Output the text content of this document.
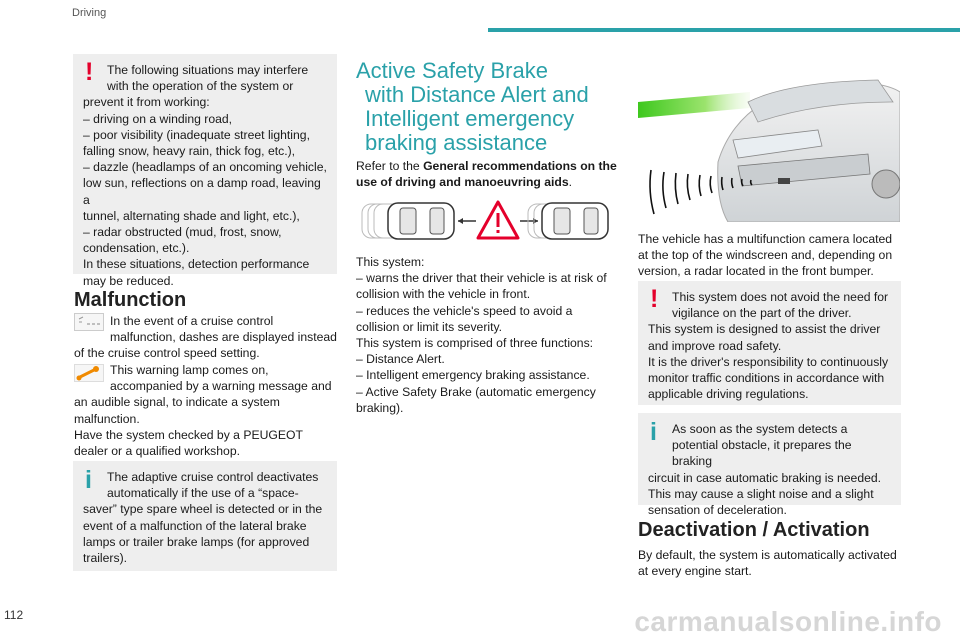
Driving
!	The following situations may interfere

with the operation of the system or

prevent it from working:

– driving on a winding road,

– poor visibility (inadequate street lighting,

falling snow, heavy rain, thick fog, etc.),

– dazzle (headlamps of an oncoming vehicle,

low sun, reflections on a damp road, leaving a

tunnel, alternating shade and light, etc.),

– radar obstructed (mud, frost, snow,

condensation, etc.).

In these situations, detection performance

may be reduced.

Malfunction

In the event of a cruise control

malfunction, dashes are displayed instead

of the cruise control speed setting.

This warning lamp comes on,

accompanied by a warning message and

an audible signal, to indicate a system

malfunction.

Have the system checked by a PEUGEOT

dealer or a qualified workshop.

i	The adaptive cruise control deactivates

automatically if the use of a “space-

saver” type spare wheel is detected or in the

event of a malfunction of the lateral brake

lamps or trailer brake lamps (for approved

trailers).

Active Safety Brake
with Distance Alert and
Intelligent emergency
braking assistance

Refer to the General recommendations on the

use of driving and manoeuvring aids.

This system:

– warns the driver that their vehicle is at risk of

collision with the vehicle in front.

– reduces the vehicle's speed to avoid a

collision or limit its severity.

This system is comprised of three functions:

– Distance Alert.

– Intelligent emergency braking assistance.

– Active Safety Brake (automatic emergency

braking).

The vehicle has a multifunction camera located

at the top of the windscreen and, depending on

version, a radar located in the front bumper.

!	This system does not avoid the need for

vigilance on the part of the driver.

This system is designed to assist the driver

and improve road safety.

It is the driver's responsibility to continuously

monitor traffic conditions in accordance with

applicable driving regulations.

i	As soon as the system detects a

potential obstacle, it prepares the braking

circuit in case automatic braking is needed.

This may cause a slight noise and a slight

sensation of deceleration.

Deactivation / Activation

By default, the system is automatically activated

at every engine start.

112	carmanualsonline.info
